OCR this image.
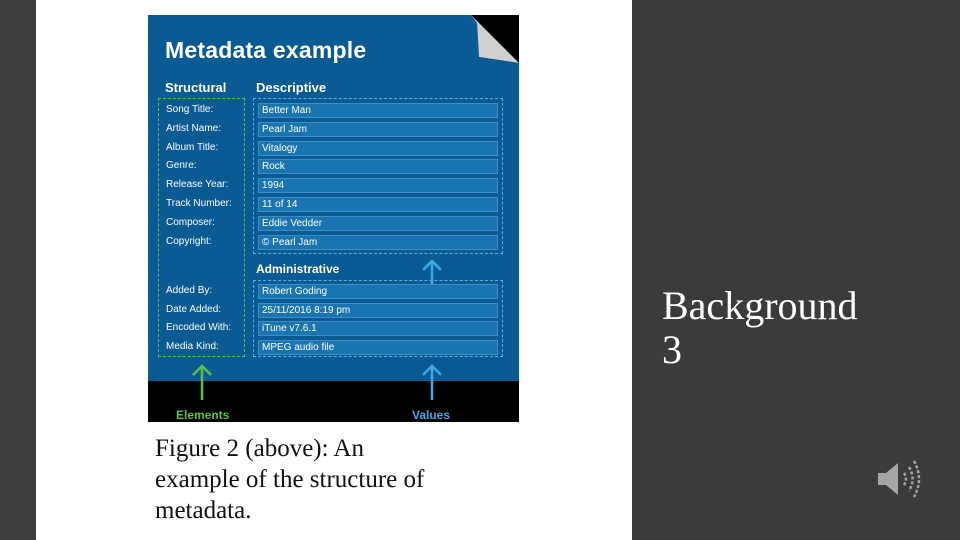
Metadata example
Structural Descriptive
Song Title:
Artist Name:
Album Title:
Genre:
Release Year:
Track Number:
Composer:
Copyright:
Better Man
Pearl Jam
Vitalogy
Rock
1994
11 of 14
Eddie Vedder
© Pearl Jam
Administrative
Added By:
Date Added:
Encoded With:
Media Kind:
Robert Goding
25/11/2016 8:19 pm
iTune v7.6.1
MPEG audio file
Elements	Values
Figure 2 (above): An
example of the structure of
metadata.
Background
3
